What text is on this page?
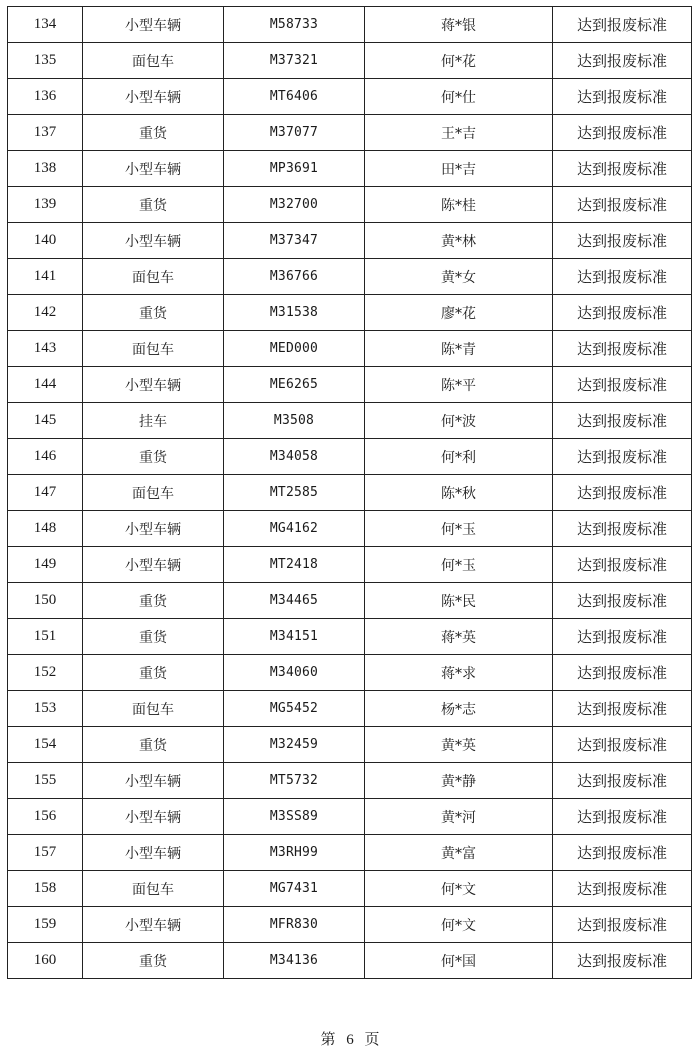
134	小型车辆	M58733	蒋*银	达到报废标准
135	面包车	M37321	何*花	达到报废标准
136	小型车辆	MT6406	何*仕	达到报废标准
137	重货	M37077	王*吉	达到报废标准
138	小型车辆	MP3691	田*吉	达到报废标准
139	重货	M32700	陈*桂	达到报废标准
140	小型车辆	M37347	黄*林	达到报废标准
141	面包车	M36766	黄*女	达到报废标准
142	重货	M31538	廖*花	达到报废标准
143	面包车	MED000	陈*青	达到报废标准
144	小型车辆	ME6265	陈*平	达到报废标准
145	挂车	M3508	何*波	达到报废标准
146	重货	M34058	何*利	达到报废标准
147	面包车	MT2585	陈*秋	达到报废标准
148	小型车辆	MG4162	何*玉	达到报废标准
149	小型车辆	MT2418	何*玉	达到报废标准
150	重货	M34465	陈*民	达到报废标准
151	重货	M34151	蒋*英	达到报废标准
152	重货	M34060	蒋*求	达到报废标准
153	面包车	MG5452	杨*志	达到报废标准
154	重货	M32459	黄*英	达到报废标准
155	小型车辆	MT5732	黄*静	达到报废标准
156	小型车辆	M3SS89	黄*河	达到报废标准
157	小型车辆	M3RH99	黄*富	达到报废标准
158	面包车	MG7431	何*文	达到报废标准
159	小型车辆	MFR830	何*文	达到报废标准
160	重货	M34136	何*国	达到报废标准
第 6 页
